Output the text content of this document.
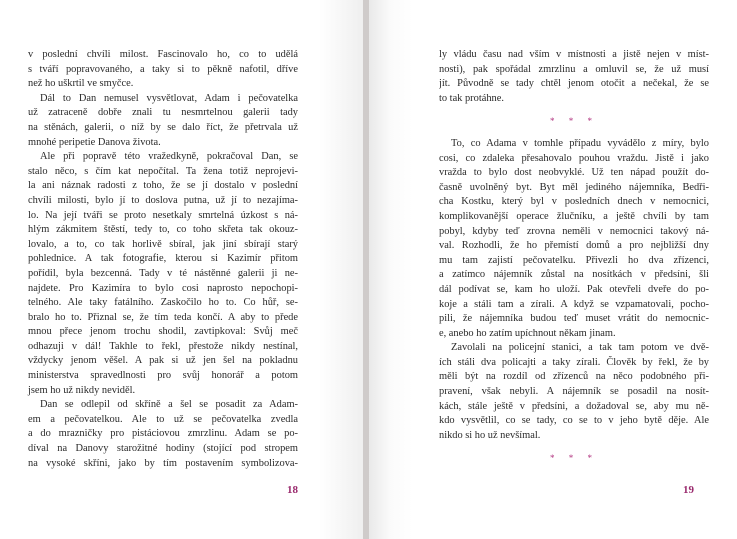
v poslední chvíli milost. Fascinovalo ho, co to udělá
s tváří popravovaného, a taky si to pěkně nafotil, dříve
než ho uškrtil ve smyčce.
Dál to Dan nemusel vysvětlovat, Adam i pečovatelka
už zatraceně dobře znali tu nesmrtelnou galerii tady
na stěnách, galerii, o níž by se dalo říct, že přetrvala už
mnohé peripetie Danova života.
Ale při popravě této vražedkyně, pokračoval Dan, se
stalo něco, s čím kat nepočítal. Ta žena totiž neprojevi-
la ani náznak radosti z toho, že se jí dostalo v poslední
chvíli milosti, bylo jí to doslova putna, už jí to nezajíma-
lo. Na její tváři se proto nesetkaly smrtelná úzkost s ná-
hlým zákmitem štěstí, tedy to, co toho skřeta tak okouz-
lovalo, a to, co tak horlivě sbíral, jak jiní sbírají starý
pohlednice. A tak fotografie, kterou si Kazimír přitom
pořídil, byla bezcenná. Tady v té nástěnné galerii ji ne-
najdete. Pro Kazimíra to bylo cosi naprosto nepochopi-
telného. Ale taky fatálního. Zaskočilo ho to. Co hůř, se-
bralo ho to. Přiznal se, že tím teda končí. A aby to přede
mnou přece jenom trochu shodil, zavtipkoval: Svůj meč
odhazuji v dál! Takhle to řekl, přestože nikdy nestínal,
vždycky jenom věšel. A pak si už jen šel na pokladnu
ministerstva spravedlnosti pro svůj honorář a potom
jsem ho už nikdy neviděl.
Dan se odlepil od skříně a šel se posadit za Adam-
em a pečovatelkou. Ale to už se pečovatelka zvedla
a do mrazničky pro pistáciovou zmrzlinu. Adam se po-
díval na Danovy starožitné hodiny (stojící pod stropem
na vysoké skříni, jako by tím postavením symbolizova-
18
ly vládu času nad vším v místnosti a jistě nejen v míst-
nosti), pak spořádal zmrzlinu a omluvil se, že už musí
jít. Původně se tady chtěl jenom otočit a nečekal, že se
to tak protáhne.
* * *
To, co Adama v tomhle případu vyvádělo z míry, bylo
cosi, co zdaleka přesahovalo pouhou vraždu. Jistě i jako
vražda to bylo dost neobvyklé. Už ten nápad použít do-
časně uvolněný byt. Byt měl jediného nájemníka, Bedři-
cha Kostku, který byl v posledních dnech v nemocnici,
komplikovanější operace žlučníku, a ještě chvíli by tam
pobyl, kdyby teď zrovna neměli v nemocnici takový ná-
val. Rozhodli, že ho přemístí domů a pro nejbližší dny
mu tam zajistí pečovatelku. Přivezli ho dva zřízenci,
a zatímco nájemník zůstal na nosítkách v předsíni, šli
dál podívat se, kam ho uloží. Pak otevřeli dveře do po-
koje a stáli tam a zírali. A když se vzpamatovali, pocho-
pili, že nájemníka budou teď muset vrátit do nemocnic-
e, anebo ho zatím upíchnout někam jinam.
Zavolali na policejní stanici, a tak tam potom ve dvě-
ích stáli dva policajti a taky zírali. Člověk by řekl, že by
měli být na rozdíl od zřízenců na něco podobného při-
pravení, však nebyli. A nájemník se posadil na nosít-
kách, stále ještě v předsíni, a dožadoval se, aby mu ně-
kdo vysvětlil, co se tady, co se to v jeho bytě děje. Ale
nikdo si ho už nevšímal.
* * *
19
